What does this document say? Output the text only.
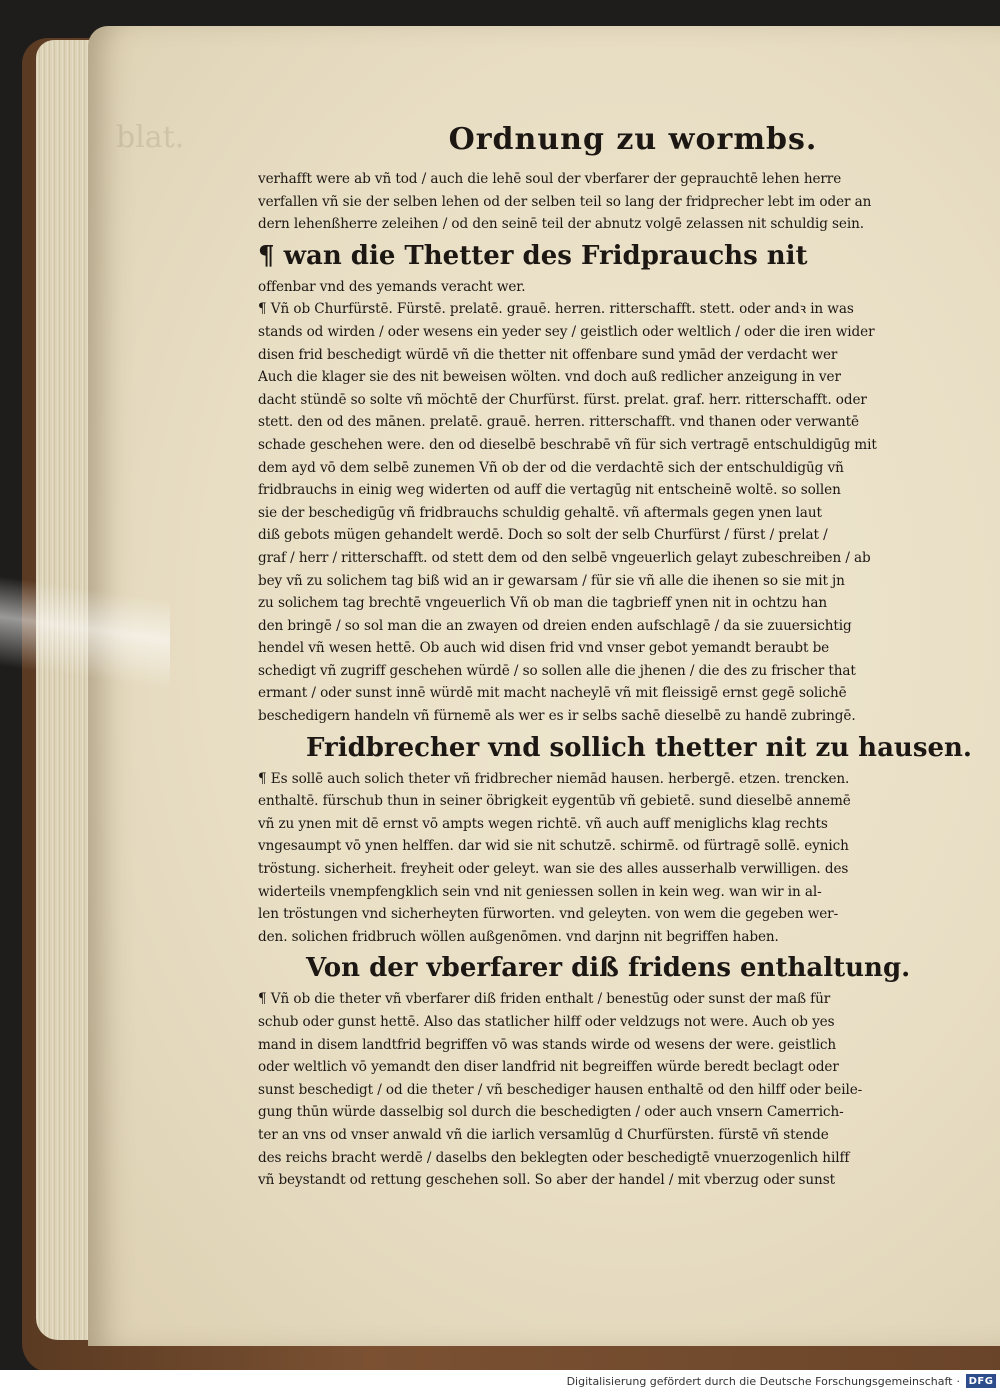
blat.	Ordnung zu wormbs.
verhafft were ab vñ tod / auch die lehē soul der vberfarer der geprauchtē lehen herre
verfallen vñ sie der selben lehen od der selben teil so lang der fridprecher lebt im oder an
dern lehenßherre zeleihen / od den seinē teil der abnutz volgē zelassen nit schuldig sein.
¶ wan die Thetter des Fridprauchs nit
offenbar vnd des yemands veracht wer.
¶ Vñ ob Churfürstē. Fürstē. prelatē. grauē. herren. ritterschafft. stett. oder andꝛ in was
stands od wirden / oder wesens ein yeder sey / geistlich oder weltlich / oder die iren wider
disen frid beschedigt würdē vñ die thetter nit offenbare sund ymād der verdacht wer
Auch die klager sie des nit beweisen wölten. vnd doch auß redlicher anzeigung in ver
dacht stündē so solte vñ möchtē der Churfürst. fürst. prelat. graf. herr. ritterschafft. oder
stett. den od des mānen. prelatē. grauē. herren. ritterschafft. vnd thanen oder verwantē
schade geschehen were. den od dieselbē beschrabē vñ für sich vertragē entschuldigūg mit
dem ayd vō dem selbē zunemen Vñ ob der od die verdachtē sich der entschuldigūg vñ
fridbrauchs in einig weg widerten od auff die vertagūg nit entscheinē woltē. so sollen
sie der beschedigūg vñ fridbrauchs schuldig gehaltē. vñ aftermals gegen ynen laut
diß gebots mügen gehandelt werdē. Doch so solt der selb Churfürst / fürst / prelat /
graf / herr / ritterschafft. od stett dem od den selbē vngeuerlich gelayt zubeschreiben / ab
bey vñ zu solichem tag biß wid an ir gewarsam / für sie vñ alle die ihenen so sie mit jn
zu solichem tag brechtē vngeuerlich Vñ ob man die tagbrieff ynen nit in ochtzu han
den bringē / so sol man die an zwayen od dreien enden aufschlagē / da sie zuuersichtig
hendel vñ wesen hettē. Ob auch wid disen frid vnd vnser gebot yemandt beraubt be
schedigt vñ zugriff geschehen würdē / so sollen alle die jhenen / die des zu frischer that
ermant / oder sunst innē würdē mit macht nacheylē vñ mit fleissigē ernst gegē solichē
beschedigern handeln vñ fürnemē als wer es ir selbs sachē dieselbē zu handē zubringē.
Fridbrecher vnd sollich thetter nit zu hausen.
¶ Es sollē auch solich theter vñ fridbrecher niemād hausen. herbergē. etzen. trencken.
enthaltē. fürschub thun in seiner öbrigkeit eygentūb vñ gebietē. sund dieselbē annemē
vñ zu ynen mit dē ernst vō ampts wegen richtē. vñ auch auff meniglichs klag rechts
vngesaumpt vō ynen helffen. dar wid sie nit schutzē. schirmē. od fürtragē sollē. eynich
tröstung. sicherheit. freyheit oder geleyt. wan sie des alles ausserhalb verwilligen. des
widerteils vnempfengklich sein vnd nit geniessen sollen in kein weg. wan wir in al-
len tröstungen vnd sicherheyten fürworten. vnd geleyten. von wem die gegeben wer-
den. solichen fridbruch wöllen außgenōmen. vnd darjnn nit begriffen haben.
Von der vberfarer diß fridens enthaltung.
¶ Vñ ob die theter vñ vberfarer diß friden enthalt / benestūg oder sunst der maß für
schub oder gunst hettē. Also das statlicher hilff oder veldzugs not were. Auch ob yes
mand in disem landtfrid begriffen vō was stands wirde od wesens der were. geistlich
oder weltlich vō yemandt den diser landfrid nit begreiffen würde beredt beclagt oder
sunst beschedigt / od die theter / vñ beschediger hausen enthaltē od den hilff oder beile-
gung thūn würde dasselbig sol durch die beschedigten / oder auch vnsern Camerrich-
ter an vns od vnser anwald vñ die iarlich versamlūg d Churfürsten. fürstē vñ stende
des reichs bracht werdē / daselbs den beklegten oder beschedigtē vnuerzogenlich hilff
vñ beystandt od rettung geschehen soll. So aber der handel / mit vberzug oder sunst
Digitalisierung gefördert durch die Deutsche Forschungsgemeinschaft · DFG
